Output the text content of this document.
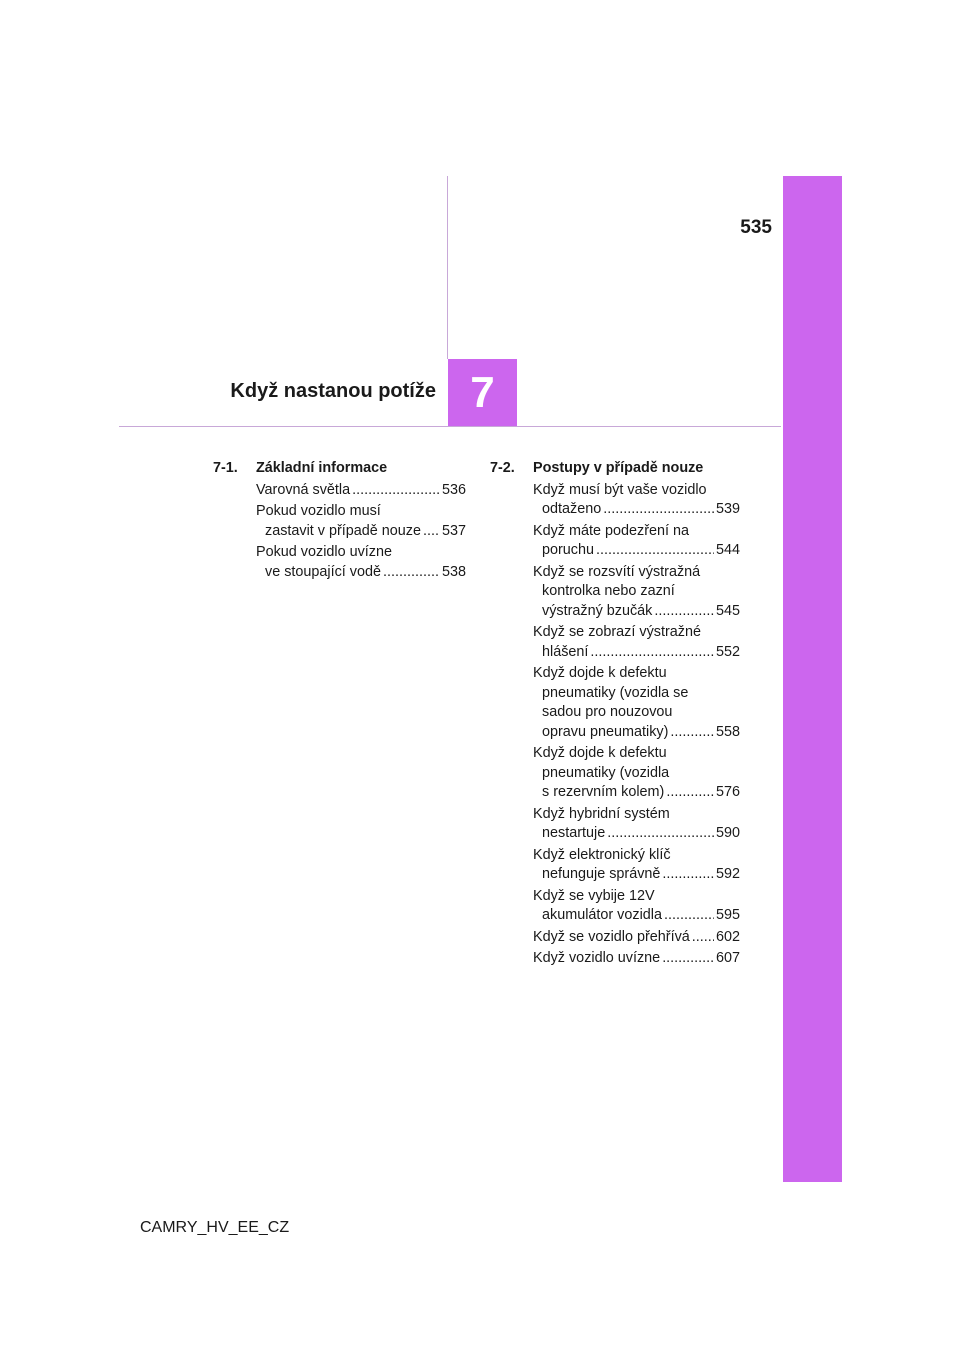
535
7
Když nastanou potíže
7-1.	Základní informace
Varovná světla .....	536
Pokud vozidlo musí
zastavit v případě nouze ..... 537
Pokud vozidlo uvízne
ve stoupající vodě .....	538
7-2.	Postupy v případě nouze
Když musí být vaše vozidlo
odtaženo .....	539
Když máte podezření na
poruchu .....	544
Když se rozsvítí výstražná
kontrolka nebo zazní
výstražný bzučák .....	545
Když se zobrazí výstražné
hlášení .....	552
Když dojde k defektu
pneumatiky (vozidla se
sadou pro nouzovou
opravu pneumatiky) .....	558
Když dojde k defektu
pneumatiky (vozidla
s rezervním kolem) .....	576
Když hybridní systém
nestartuje .....	590
Když elektronický klíč
nefunguje správně .....	592
Když se vybije 12V
akumulátor vozidla .....	595
Když se vozidlo přehřívá ..... 602
Když vozidlo uvízne .....	607
CAMRY_HV_EE_CZ
